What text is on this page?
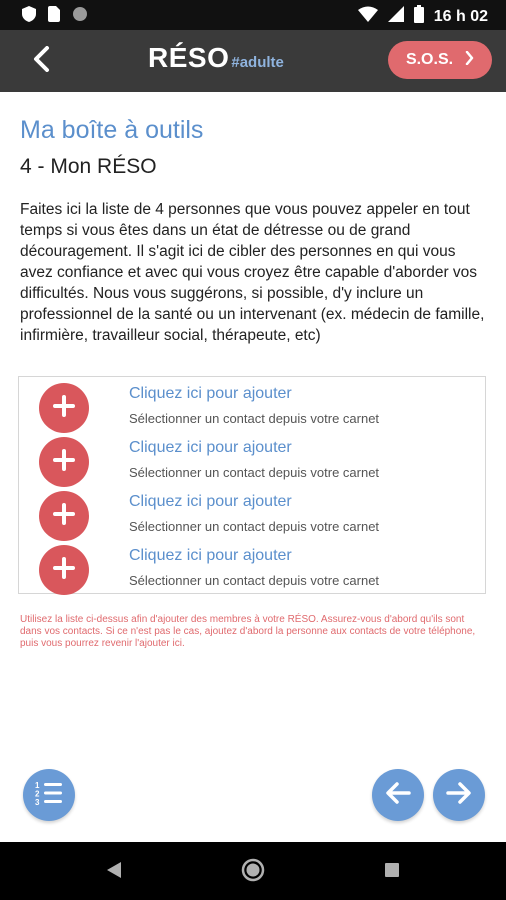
16 h 02
RÉSO #adulte	S.O.S.
Ma boîte à outils
4 - Mon RÉSO
Faites ici la liste de 4 personnes que vous pouvez appeler en tout temps si vous êtes dans un état de détresse ou de grand découragement. Il s'agit ici de cibler des personnes en qui vous avez confiance et avec qui vous croyez être capable d'aborder vos difficultés. Nous vous suggérons, si possible, d'y inclure un professionnel de la santé ou un intervenant (ex. médecin de famille, infirmière, travailleur social, thérapeute, etc)
Cliquez ici pour ajouter
Sélectionner un contact depuis votre carnet
Cliquez ici pour ajouter
Sélectionner un contact depuis votre carnet
Cliquez ici pour ajouter
Sélectionner un contact depuis votre carnet
Cliquez ici pour ajouter
Sélectionner un contact depuis votre carnet
Utilisez la liste ci-dessus afin d'ajouter des membres à votre RÉSO. Assurez-vous d'abord qu'ils sont dans vos contacts. Si ce n'est pas le cas, ajoutez d'abord la personne aux contacts de votre téléphone, puis vous pourrez revenir l'ajouter ici.
1
2
3
